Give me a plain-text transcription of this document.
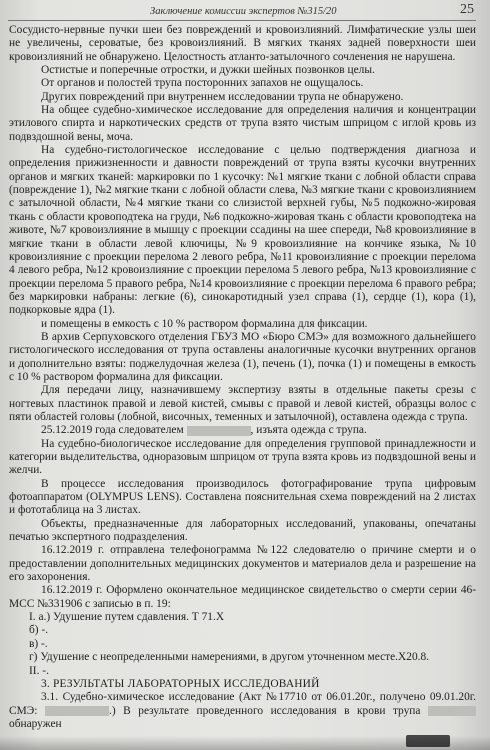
Заключение комиссии экспертов №315/20	25

Сосудисто-нервные пучки шеи без повреждений и кровоизлияний. Лимфатические узлы шеи не увеличены, сероватые, без кровоизлияний. В мягких тканях задней поверхности шеи кровоизлияний не обнаружено. Целостность атланто-затылочного сочленения не нарушена.

Остистые и поперечные отростки, и дужки шейных позвонков целы.

От органов и полостей трупа посторонних запахов не ощущалось.

Других повреждений при внутреннем исследовании трупа не обнаружено.

На общее судебно-химическое исследование для определения наличия и концентрации этилового спирта и наркотических средств от трупа взято чистым шприцом с иглой кровь из подвздошной вены, моча.

На судебно-гистологическое исследование с целью подтверждения диагноза и определения прижизненности и давности повреждений от трупа взяты кусочки внутренних органов и мягких тканей: маркировки по 1 кусочку: №1 мягкие ткани с лобной области справа (повреждение 1), №2 мягкие ткани с лобной области слева, №3 мягкие ткани с кровоизлиянием с затылочной области, №4 мягкие ткани со слизистой верхней губы, №5 подкожно-жировая ткань с области кровоподтека на груди, №6 подкожно-жировая ткань с области кровоподтека на животе, №7 кровоизлияние в мышцу с проекции ссадины на шее спереди, №8 кровоизлияние в мягкие ткани в области левой ключицы, №9 кровоизлияние на кончике языка, №10 кровоизлияние с проекции перелома 2 левого ребра, №11 кровоизлияние с проекции перелома 4 левого ребра, №12 кровоизлияние с проекции перелома 5 левого ребра, №13 кровоизлияние с проекции перелома 5 правого ребра, №14 кровоизлияние с проекции перелома 6 правого ребра; без маркировки набраны: легкие (6), синокаротидный узел справа (1), сердце (1), кора (1), подкорковые ядра (1).

и помещены в емкость с 10 % раствором формалина для фиксации.

В архив Серпуховского отделения ГБУЗ МО «Бюро СМЭ» для возможного дальнейшего гистологического исследования от трупа оставлены аналогичные кусочки внутренних органов и дополнительно взяты: поджелудочная железа (1), печень (1), почка (1) и помещены в емкость с 10 % раствором формалина для фиксации.

Для передачи лицу, назначившему экспертизу взяты в отдельные пакеты срезы с ногтевых пластинок правой и левой кистей, смывы с правой и левой кистей, образцы волос с пяти областей головы (лобной, височных, теменных и затылочной), оставлена одежда с трупа.

25.12.2019 года следователем	, изъята одежда с трупа.

На судебно-биологическое исследование для определения групповой принадлежности и категории выделительства, одноразовым шприцом от трупа взята кровь из подвздошной вены и желчи.

В процессе исследования производилось фотографирование трупа цифровым фотоаппаратом (OLYMPUS LENS). Составлена пояснительная схема повреждений на 2 листах и фототаблица на 3 листах.

Объекты, предназначенные для лабораторных исследований, упакованы, опечатаны печатью экспертного подразделения.

16.12.2019 г. отправлена телефонограмма №122 следователю о причине смерти и о предоставлении дополнительных медицинских документов и материалов дела и разрешение на его захоронения.

16.12.2019 г. Оформлено окончательное медицинское свидетельство о смерти серии 46-МСС №331906 с записью в п. 19:

I. а.) Удушение путем сдавления. Т 71.Х

б) -.

в) -.

г) Удушение с неопределенными намерениями, в другом уточненном месте.Х20.8.

II. -.

3. РЕЗУЛЬТАТЫ ЛАБОРАТОРНЫХ ИССЛЕДОВАНИЙ

3.1. Судебно-химическое исследование (Акт №17710 от 06.01.20г., получено 09.01.20г. СМЭ:	.) В результате проведенного исследования в крови трупа  обнаружен
